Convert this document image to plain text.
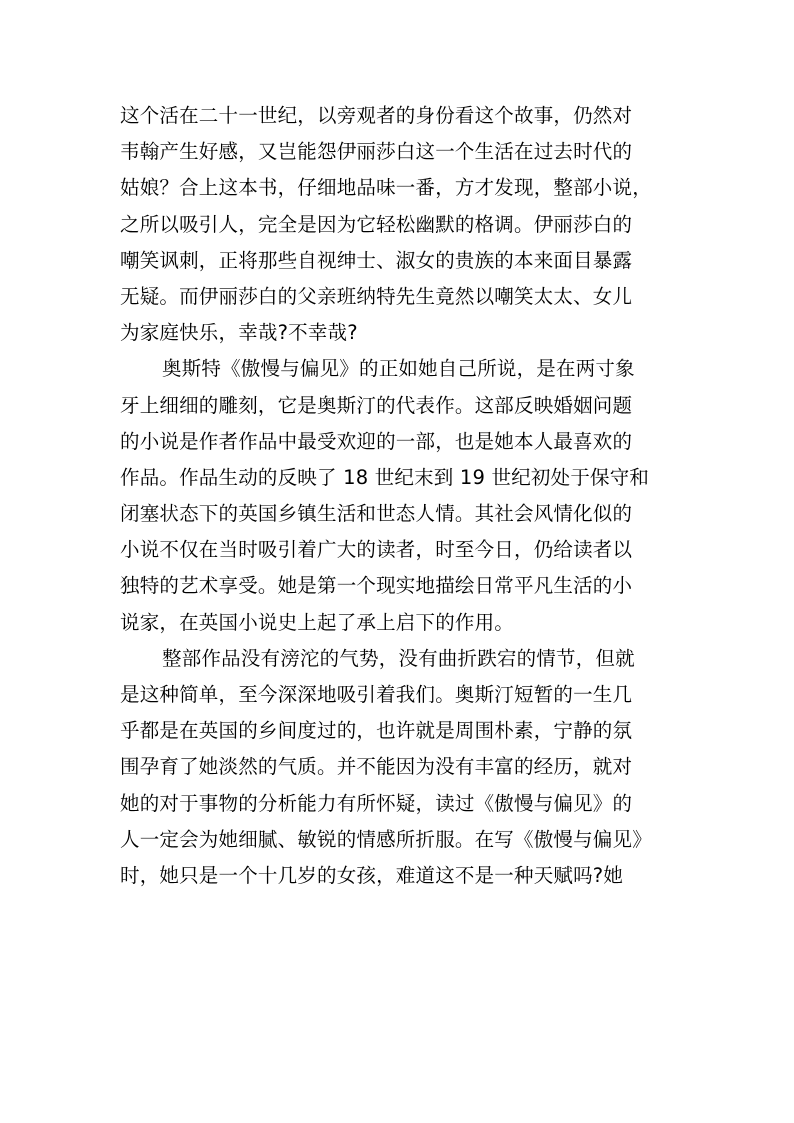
这个活在二十一世纪，以旁观者的身份看这个故事，仍然对
韦翰产生好感，又岂能怨伊丽莎白这一个生活在过去时代的
姑娘？合上这本书，仔细地品味一番，方才发现，整部小说，
之所以吸引人，完全是因为它轻松幽默的格调。伊丽莎白的
嘲笑讽刺，正将那些自视绅士、淑女的贵族的本来面目暴露
无疑。而伊丽莎白的父亲班纳特先生竟然以嘲笑太太、女儿
为家庭快乐，幸哉?不幸哉?
奥斯特《傲慢与偏见》的正如她自己所说，是在两寸象
牙上细细的雕刻，它是奥斯汀的代表作。这部反映婚姻问题
的小说是作者作品中最受欢迎的一部，也是她本人最喜欢的
作品。作品生动的反映了 18 世纪末到 19 世纪初处于保守和
闭塞状态下的英国乡镇生活和世态人情。其社会风情化似的
小说不仅在当时吸引着广大的读者，时至今日，仍给读者以
独特的艺术享受。她是第一个现实地描绘日常平凡生活的小
说家，在英国小说史上起了承上启下的作用。
整部作品没有滂沱的气势，没有曲折跌宕的情节，但就
是这种简单，至今深深地吸引着我们。奥斯汀短暂的一生几
乎都是在英国的乡间度过的，也许就是周围朴素，宁静的氛
围孕育了她淡然的气质。并不能因为没有丰富的经历，就对
她的对于事物的分析能力有所怀疑，读过《傲慢与偏见》的
人一定会为她细腻、敏锐的情感所折服。在写《傲慢与偏见》
时，她只是一个十几岁的女孩，难道这不是一种天赋吗?她
